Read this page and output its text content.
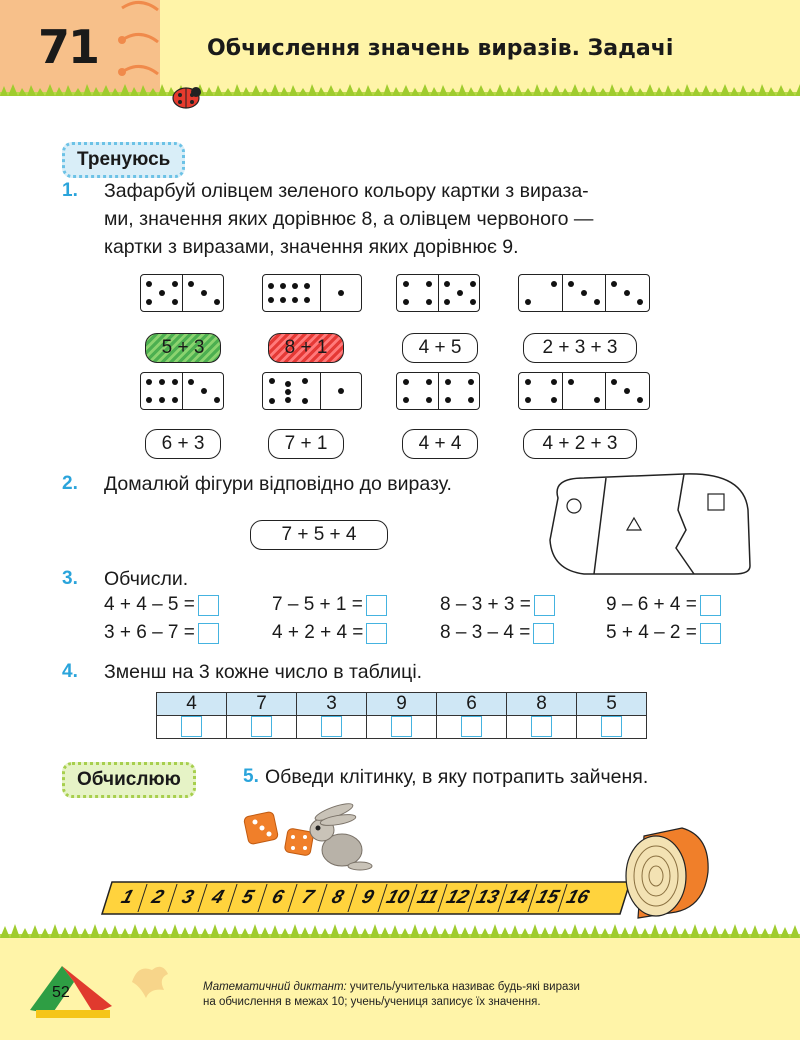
71	Обчислення значень виразів. Задачі
Тренуюсь
1. Зафарбуй олівцем зеленого кольору картки з вираза-
ми, значення яких дорівнює 8, а олівцем червоного —
картки з виразами, значення яких дорівнює 9.
5 + 3	8 + 1	4 + 5	2 + 3 + 3
6 + 3	7 + 1	4 + 4	4 + 2 + 3
2. Домалюй фігури відповідно до виразу.
7 + 5 + 4
3. Обчисли.
4 + 4 – 5 =	7 – 5 + 1 =	8 – 3 + 3 =	9 – 6 + 4 =
3 + 6 – 7 =	4 + 2 + 4 =	8 – 3 – 4 =	5 + 4 – 2 =
4. Зменш на 3 кожне число в таблиці.
4	7	3	9	6	8	5

Обчислюю	5. Обведи клітинку, в яку потрапить зайченя.
1 2 3 4 5 6 7 8 9 10 11 12 13 14 15 16
52	Математичний диктант: учитель/учителька називає будь-які вирази
на обчислення в межах 10; учень/учениця записує їх значення.
